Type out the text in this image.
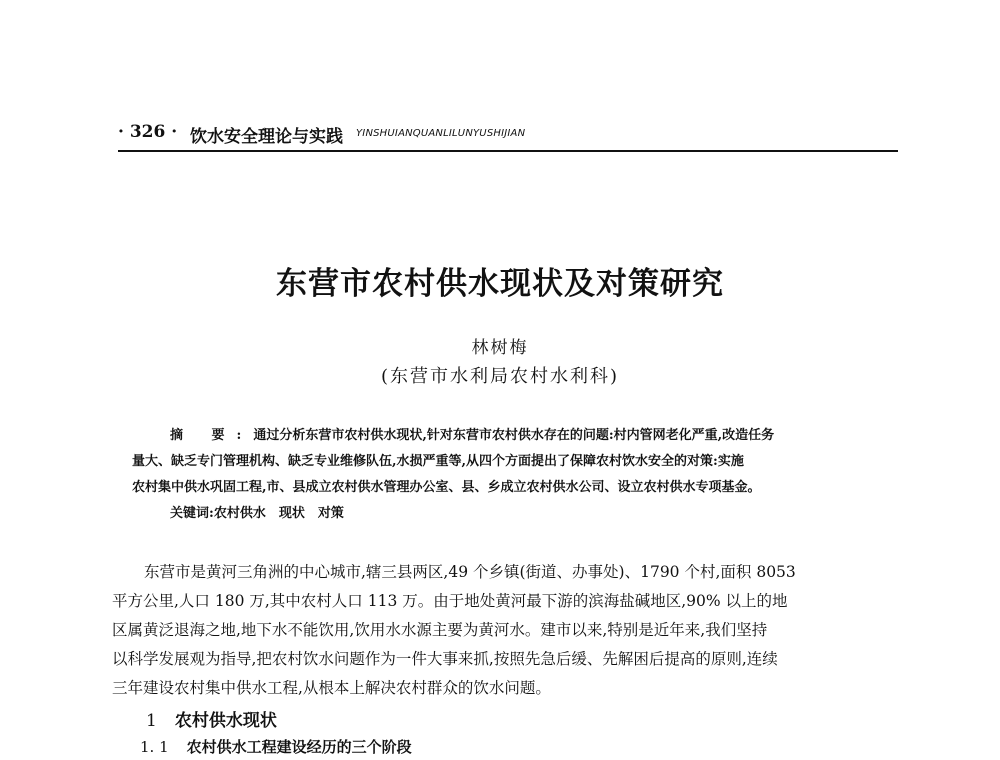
· 326 · 饮水安全理论与实践 YINSHUIANQUANLILUNYUSHIJIAN
东营市农村供水现状及对策研究
林树梅
(东营市水利局农村水利科)
摘 要:通过分析东营市农村供水现状,针对东营市农村供水存在的问题:村内管网老化严重,改造任务
量大、缺乏专门管理机构、缺乏专业维修队伍,水损严重等,从四个方面提出了保障农村饮水安全的对策:实施
农村集中供水巩固工程,市、县成立农村供水管理办公室、县、乡成立农村供水公司、设立农村供水专项基金。
关键词:农村供水　现状　对策
东营市是黄河三角洲的中心城市,辖三县两区,49 个乡镇(街道、办事处)、1790 个村,面积 8053
平方公里,人口 180 万,其中农村人口 113 万。由于地处黄河最下游的滨海盐碱地区,90% 以上的地
区属黄泛退海之地,地下水不能饮用,饮用水水源主要为黄河水。建市以来,特别是近年来,我们坚持
以科学发展观为指导,把农村饮水问题作为一件大事来抓,按照先急后缓、先解困后提高的原则,连续
三年建设农村集中供水工程,从根本上解决农村群众的饮水问题。
1 农村供水现状
1. 1 农村供水工程建设经历的三个阶段
